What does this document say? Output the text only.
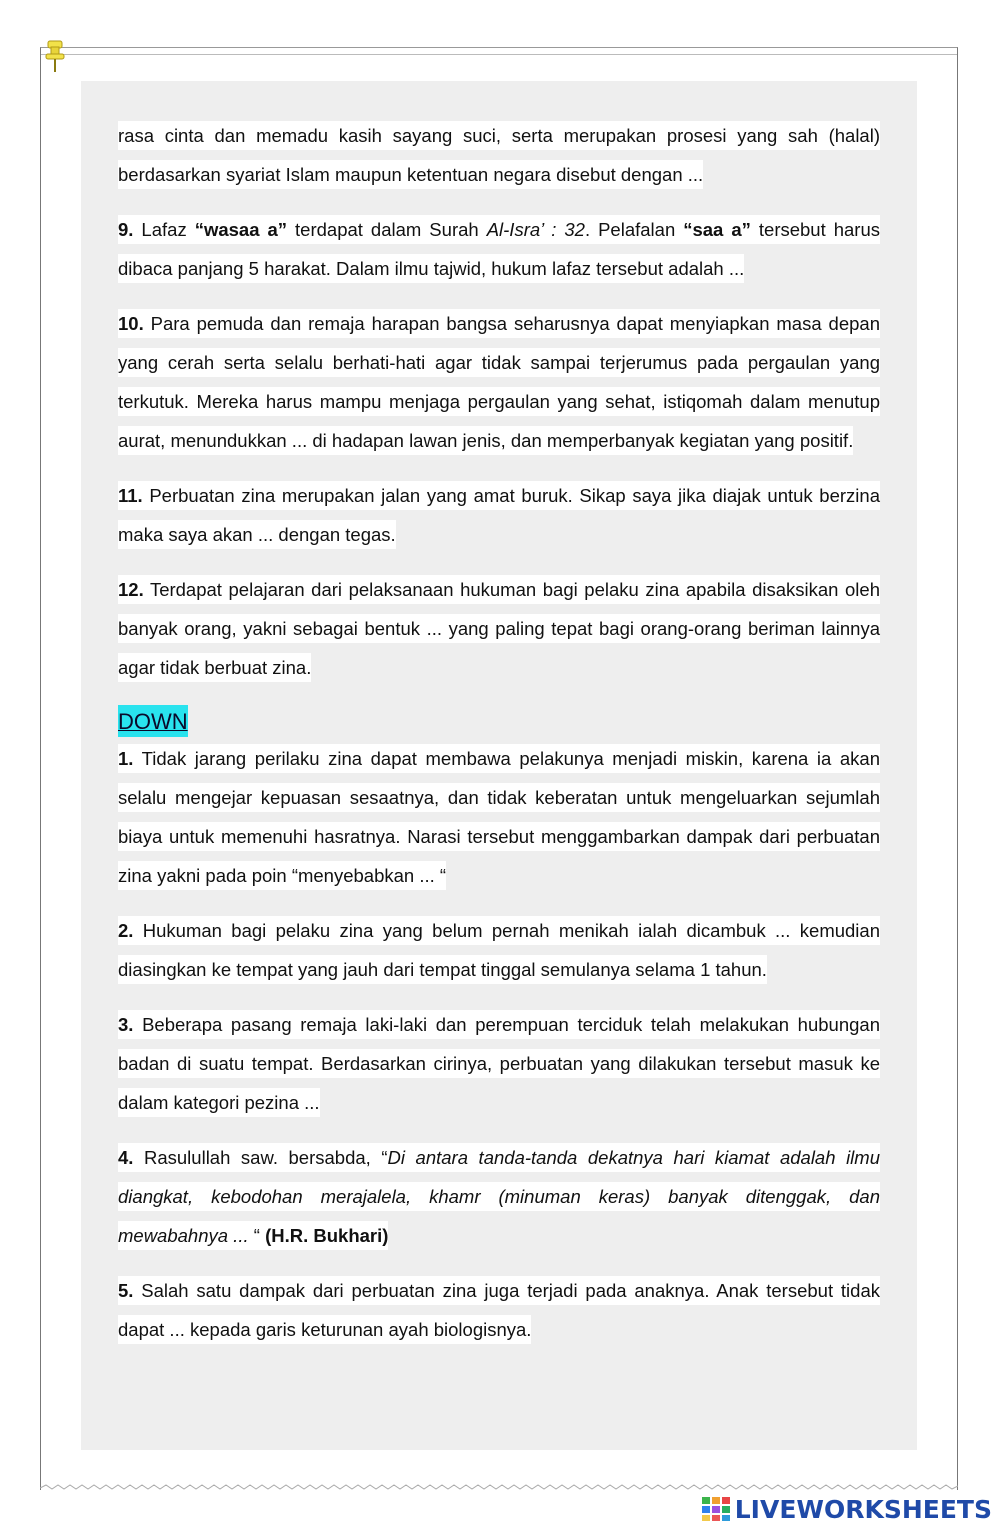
rasa cinta dan memadu kasih sayang suci, serta merupakan prosesi yang sah (halal) berdasarkan syariat Islam maupun ketentuan negara disebut dengan ...

9. Lafaz “wasaa a” terdapat dalam Surah Al-Isra’ : 32. Pelafalan “saa a” tersebut harus dibaca panjang 5 harakat. Dalam ilmu tajwid, hukum lafaz tersebut adalah ...

10. Para pemuda dan remaja harapan bangsa seharusnya dapat menyiapkan masa depan yang cerah serta selalu berhati-hati agar tidak sampai terjerumus pada pergaulan yang terkutuk. Mereka harus mampu menjaga pergaulan yang sehat, istiqomah dalam menutup aurat, menundukkan ... di hadapan lawan jenis, dan memperbanyak kegiatan yang positif.

11. Perbuatan zina merupakan jalan yang amat buruk. Sikap saya jika diajak untuk berzina maka saya akan ... dengan tegas.

12. Terdapat pelajaran dari pelaksanaan hukuman bagi pelaku zina apabila disaksikan oleh banyak orang, yakni sebagai bentuk ... yang paling tepat bagi orang-orang beriman lainnya agar tidak berbuat zina.

DOWN

1. Tidak jarang perilaku zina dapat membawa pelakunya menjadi miskin, karena ia akan selalu mengejar kepuasan sesaatnya, dan tidak keberatan untuk mengeluarkan sejumlah biaya untuk memenuhi hasratnya. Narasi tersebut menggambarkan dampak dari perbuatan zina yakni pada poin “menyebabkan ... “

2. Hukuman bagi pelaku zina yang belum pernah menikah ialah dicambuk ... kemudian diasingkan ke tempat yang jauh dari tempat tinggal semulanya selama 1 tahun.

3. Beberapa pasang remaja laki-laki dan perempuan terciduk telah melakukan hubungan badan di suatu tempat. Berdasarkan cirinya, perbuatan yang dilakukan tersebut masuk ke dalam kategori pezina ...

4. Rasulullah saw. bersabda, “Di antara tanda-tanda dekatnya hari kiamat adalah ilmu diangkat, kebodohan merajalela, khamr (minuman keras) banyak ditenggak, dan mewabahnya ... “ (H.R. Bukhari)

5. Salah satu dampak dari perbuatan zina juga terjadi pada anaknya. Anak tersebut tidak dapat ... kepada garis keturunan ayah biologisnya.

LIVEWORKSHEETS
